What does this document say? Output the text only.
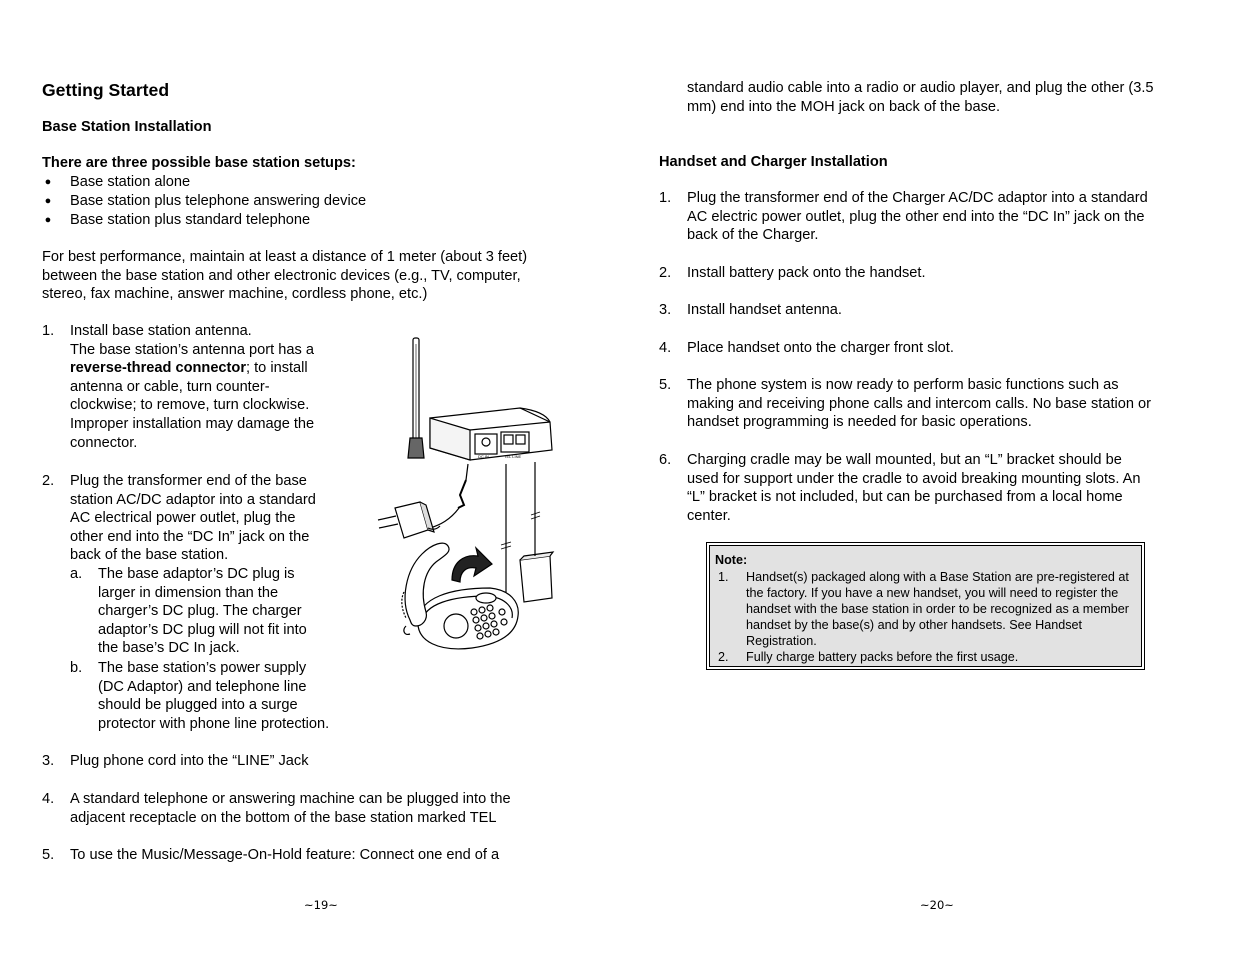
Getting Started
Base Station Installation
There are three possible base station setups:
● Base station alone
● Base station plus telephone answering device
● Base station plus standard telephone
For best performance, maintain at least a distance of 1 meter (about 3 feet)
between the base station and other electronic devices (e.g., TV, computer,
stereo, fax machine, answer machine, cordless phone, etc.)
1. Install base station antenna.
The base station’s antenna port has a
reverse-thread connector; to install
antenna or cable, turn counter-
clockwise; to remove, turn clockwise.
Improper installation may damage the
connector.
2. Plug the transformer end of the base
station AC/DC adaptor into a standard
AC electrical power outlet, plug the
other end into the “DC In” jack on the
back of the base station.
a. The base adaptor’s DC plug is
larger in dimension than the
charger’s DC plug. The charger
adaptor’s DC plug will not fit into
the base’s DC In jack.
b. The base station’s power supply
(DC Adaptor) and telephone line
should be plugged into a surge
protector with phone line protection.
3. Plug phone cord into the “LINE” Jack
4. A standard telephone or answering machine can be plugged into the
adjacent receptacle on the bottom of the base station marked TEL
5. To use the Music/Message-On-Hold feature: Connect one end of a
DC IN	TEL LINE
~19~
standard audio cable into a radio or audio player, and plug the other (3.5
mm) end into the MOH jack on back of the base.
Handset and Charger Installation
1. Plug the transformer end of the Charger AC/DC adaptor into a standard
AC electric power outlet, plug the other end into the “DC In” jack on the
back of the Charger.
2. Install battery pack onto the handset.
3. Install handset antenna.
4. Place handset onto the charger front slot.
5. The phone system is now ready to perform basic functions such as
making and receiving phone calls and intercom calls. No base station or
handset programming is needed for basic operations.
6. Charging cradle may be wall mounted, but an “L” bracket should be
used for support under the cradle to avoid breaking mounting slots. An
“L” bracket is not included, but can be purchased from a local home
center.
Note:
1. Handset(s) packaged along with a Base Station are pre-registered at the factory. If you have a new handset, you will need to register the handset with the base station in order to be recognized as a member handset by the base(s) and by other handsets. See Handset Registration.
2. Fully charge battery packs before the first usage.
~20~
